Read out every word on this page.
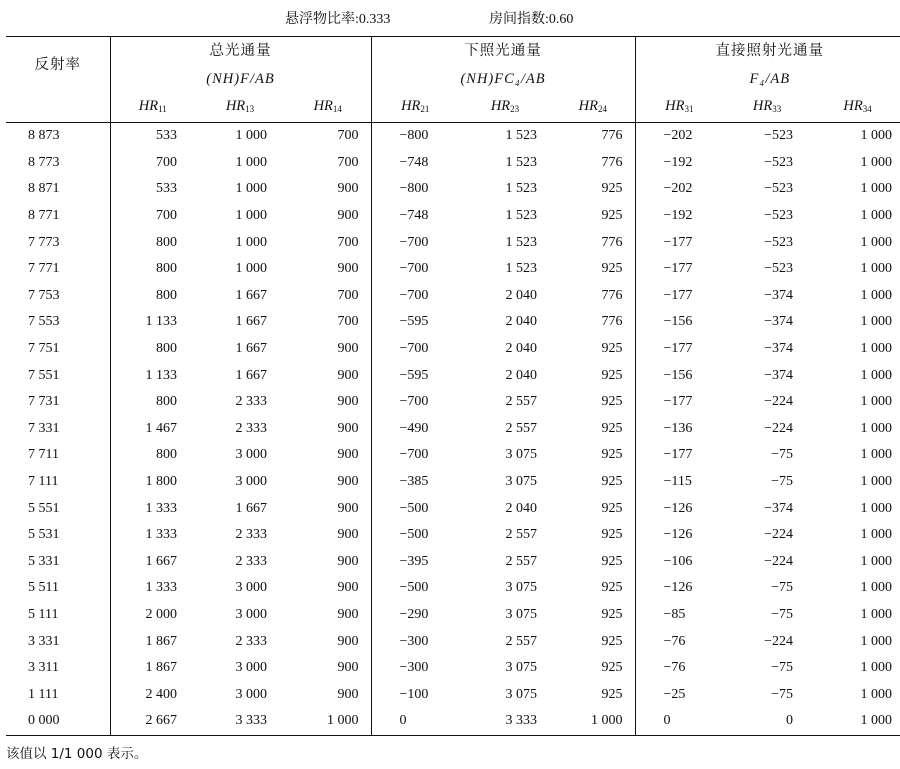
悬浮物比率:0.333	房间指数:0.60
反射率	总光通量			下照光通量			直接照射光通量		
	(NH)F/AB			(NH)FC₄/AB			F₄/AB		
	$HR_{11}$	$HR_{13}$	$HR_{14}$	$HR_{21}$	$HR_{23}$	$HR_{24}$	$HR_{31}$	$HR_{33}$	$HR_{34}$
8 873	533	1 000	700	−800	1 523	776	−202	−523	1 000
8 773	700	1 000	700	−748	1 523	776	−192	−523	1 000
8 871	533	1 000	900	−800	1 523	925	−202	−523	1 000
8 771	700	1 000	900	−748	1 523	925	−192	−523	1 000
7 773	800	1 000	700	−700	1 523	776	−177	−523	1 000
7 771	800	1 000	900	−700	1 523	925	−177	−523	1 000
7 753	800	1 667	700	−700	2 040	776	−177	−374	1 000
7 553	1 133	1 667	700	−595	2 040	776	−156	−374	1 000
7 751	800	1 667	900	−700	2 040	925	−177	−374	1 000
7 551	1 133	1 667	900	−595	2 040	925	−156	−374	1 000
7 731	800	2 333	900	−700	2 557	925	−177	−224	1 000
7 331	1 467	2 333	900	−490	2 557	925	−136	−224	1 000
7 711	800	3 000	900	−700	3 075	925	−177	−75	1 000
7 111	1 800	3 000	900	−385	3 075	925	−115	−75	1 000
5 551	1 333	1 667	900	−500	2 040	925	−126	−374	1 000
5 531	1 333	2 333	900	−500	2 557	925	−126	−224	1 000
5 331	1 667	2 333	900	−395	2 557	925	−106	−224	1 000
5 511	1 333	3 000	900	−500	3 075	925	−126	−75	1 000
5 111	2 000	3 000	900	−290	3 075	925	−85	−75	1 000
3 331	1 867	2 333	900	−300	2 557	925	−76	−224	1 000
3 311	1 867	3 000	900	−300	3 075	925	−76	−75	1 000
1 111	2 400	3 000	900	−100	3 075	925	−25	−75	1 000
0 000	2 667	3 333	1 000	0	3 333	1 000	0	0	1 000
该值以 1/1 000 表示。
